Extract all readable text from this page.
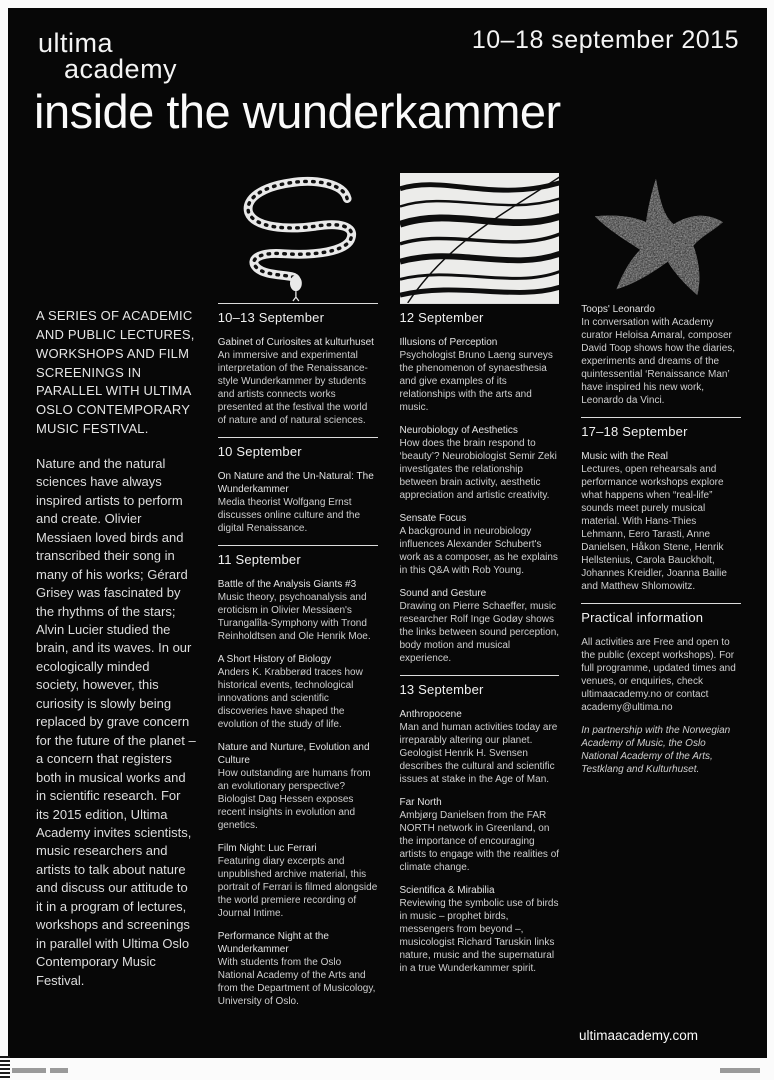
ultima
academy
10–18 september 2015
inside the wunderkammer

A SERIES OF ACADEMIC AND PUBLIC LECTURES, WORKSHOPS AND FILM SCREENINGS IN PARALLEL WITH ULTIMA OSLO CONTEMPORARY MUSIC FESTIVAL.

Nature and the natural sciences have always inspired artists to perform and create. Olivier Messiaen loved birds and transcribed their song in many of his works; Gérard Grisey was fascinated by the rhythms of the stars; Alvin Lucier studied the brain, and its waves. In our ecologically minded society, however, this curiosity is slowly being replaced by grave concern for the future of the planet – a concern that registers both in musical works and in scientific research. For its 2015 edition, Ultima Academy invites scientists, music researchers and artists to talk about nature and discuss our attitude to it in a program of lectures, workshops and screenings in parallel with Ultima Oslo Contemporary Music Festival.

10–13 September
Gabinet of Curiosites at kulturhuset
An immersive and experimental interpretation of the Renaissance-style Wunderkammer by students and artists connects works presented at the festival the world of nature and of natural sciences.
10 September
On Nature and the Un-Natural: The Wunderkammer
Media theorist Wolfgang Ernst discusses online culture and the digital Renaissance.
11 September
Battle of the Analysis Giants #3
Music theory, psychoanalysis and eroticism in Olivier Messiaen's Turangalîla-Symphony with Trond Reinholdtsen and Ole Henrik Moe.
A Short History of Biology
Anders K. Krabberød traces how historical events, technological innovations and scientific discoveries have shaped the evolution of the study of life.
Nature and Nurture, Evolution and Culture
How outstanding are humans from an evolutionary perspective? Biologist Dag Hessen exposes recent insights in evolution and genetics.
Film Night: Luc Ferrari
Featuring diary excerpts and unpublished archive material, this portrait of Ferrari is filmed alongside the world premiere recording of Journal Intime.
Performance Night at the Wunderkammer
With students from the Oslo National Academy of the Arts and from the Department of Musicology, University of Oslo.
12 September
Illusions of Perception
Psychologist Bruno Laeng surveys the phenomenon of synaesthesia and give examples of its relationships with the arts and music.
Neurobiology of Aesthetics
How does the brain respond to ‘beauty’? Neurobiologist Semir Zeki investigates the relationship between brain activity, aesthetic appreciation and artistic creativity.
Sensate Focus
A background in neurobiology influences Alexander Schubert's work as a composer, as he explains in this Q&A with Rob Young.
Sound and Gesture
Drawing on Pierre Schaeffer, music researcher Rolf Inge Godøy shows the links between sound perception, body motion and musical experience.
13 September
Anthropocene
Man and human activities today are irreparably altering our planet. Geologist Henrik H. Svensen describes the cultural and scientific issues at stake in the Age of Man.
Far North
Ambjørg Danielsen from the FAR NORTH network in Greenland, on the importance of encouraging artists to engage with the realities of climate change.
Scientifica & Mirabilia
Reviewing the symbolic use of birds in music – prophet birds, messengers from beyond –, musicologist Richard Taruskin links nature, music and the supernatural in a true Wunderkammer spirit.
Toops' Leonardo
In conversation with Academy curator Heloisa Amaral, composer David Toop shows how the diaries, experiments and dreams of the quintessential ‘Renaissance Man’ have inspired his new work, Leonardo da Vinci.
17–18 September
Music with the Real
Lectures, open rehearsals and performance workshops explore what happens when “real-life” sounds meet purely musical material. With Hans-Thies Lehmann, Eero Tarasti, Anne Danielsen, Håkon Stene, Henrik Hellstenius, Carola Bauckholt, Johannes Kreidler, Joanna Bailie and Matthew Shlomowitz.
Practical information
All activities are Free and open to the public (except workshops). For full programme, updated times and venues, or enquiries, check ultimaacademy.no or contact academy@ultima.no
In partnership with the Norwegian Academy of Music, the Oslo National Academy of the Arts, Testklang and Kulturhuset.
ultimaacademy.com
